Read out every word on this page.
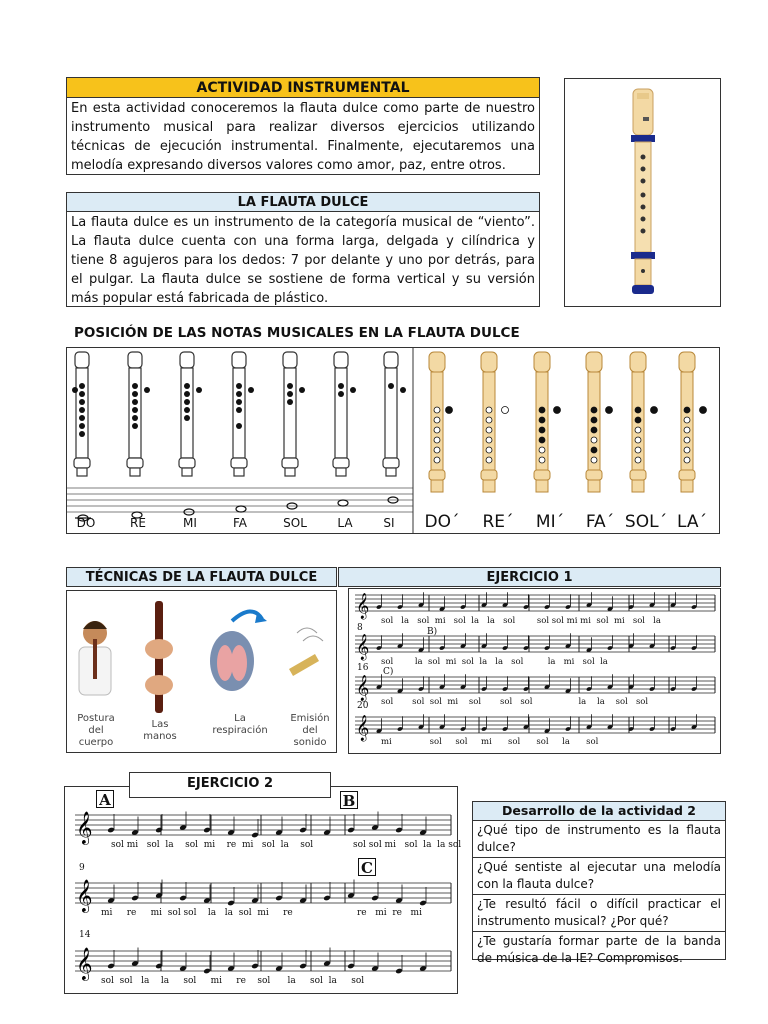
ACTIVIDAD INSTRUMENTAL
En esta actividad conoceremos la flauta dulce como parte de nuestro instrumento musical para realizar diversos ejercicios utilizando técnicas de ejecución instrumental. Finalmente, ejecutaremos una melodía expresando diversos valores como amor, paz, entre otros.
LA FLAUTA DULCE
La flauta dulce es un instrumento de la categoría musical de “viento”. La flauta dulce cuenta con una forma larga, delgada y cilíndrica y tiene 8 agujeros para los dedos: 7 por delante y uno por detrás, para el pulgar. La flauta dulce se sostiene de forma vertical y su versión más popular está fabricada de plástico.
POSICIÓN DE LAS NOTAS MUSICALES EN LA FLAUTA DULCE
DO	RE	MI	FA	SOL	LA	SI	DO´	RE´	MI´	FA´ SOL´ LA´
TÉCNICAS DE LA FLAUTA DULCE
Postura del cuerpo
Las manos
La respiración
Emisión del sonido
EJERCICIO 1
𝄞
𝄞
𝄞
𝄞
8
16
20
B)
C)
sol   la   sol  mi   sol  la   la   sol        sol sol mi mi  sol  mi   sol   la
sol        la  sol  mi  sol  la   la   sol         la   mi   sol  la
sol       sol  sol  mi    sol       sol   sol                 la    la    sol   sol
mi              sol     sol     mi      sol      sol     la      sol
𝄞
𝄞
𝄞
A	B
C
9
14
sol mi   sol  la    sol  mi    re  mi   sol  la    sol	sol sol mi   sol  la  la sol
mi     re     mi  sol sol    la   la  sol  mi     re	re   mi  re   mi
sol  sol   la    la     sol     mi     re    sol      la     sol  la     sol
EJERCICIO 2
Desarrollo de la actividad 2
¿Qué tipo de instrumento es la flauta dulce?
¿Qué sentiste al ejecutar una melodía con la flauta dulce?
¿Te resultó fácil o difícil practicar el instrumento musical? ¿Por qué?
¿Te gustaría formar parte de la banda de música de la IE? Compromisos.
